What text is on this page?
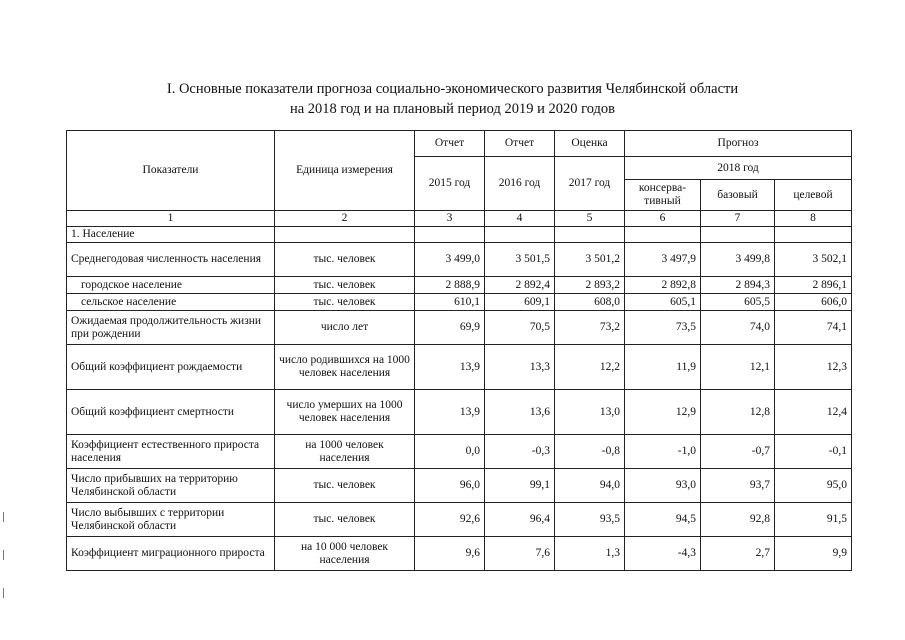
I. Основные показатели прогноза социально-экономического развития Челябинской области
на 2018 год и на плановый период 2019 и 2020 годов
Показатели	Единица измерения	Отчет	Отчет	Оценка	Прогноз		
		2015 год	2016 год	2017 год	2018 год		
					консерва-тивный	базовый	целевой
1	2	3	4	5	6	7	8
1. Население							
Среднегодовая численность населения	тыс. человек	3 499,0	3 501,5	3 501,2	3 497,9	3 499,8	3 502,1
городское население	тыс. человек	2 888,9	2 892,4	2 893,2	2 892,8	2 894,3	2 896,1
сельское население	тыс. человек	610,1	609,1	608,0	605,1	605,5	606,0
Ожидаемая продолжительность жизни при рождении	число лет	69,9	70,5	73,2	73,5	74,0	74,1
Общий коэффициент рождаемости	число родившихся на 1000 человек населения	13,9	13,3	12,2	11,9	12,1	12,3
Общий коэффициент смертности	число умерших на 1000 человек населения	13,9	13,6	13,0	12,9	12,8	12,4
Коэффициент естественного прироста населения	на 1000 человек населения	0,0	-0,3	-0,8	-1,0	-0,7	-0,1
Число прибывших на территорию Челябинской области	тыс. человек	96,0	99,1	94,0	93,0	93,7	95,0
Число выбывших с территории Челябинской области	тыс. человек	92,6	96,4	93,5	94,5	92,8	91,5
Коэффициент миграционного прироста	на 10 000 человек населения	9,6	7,6	1,3	-4,3	2,7	9,9
